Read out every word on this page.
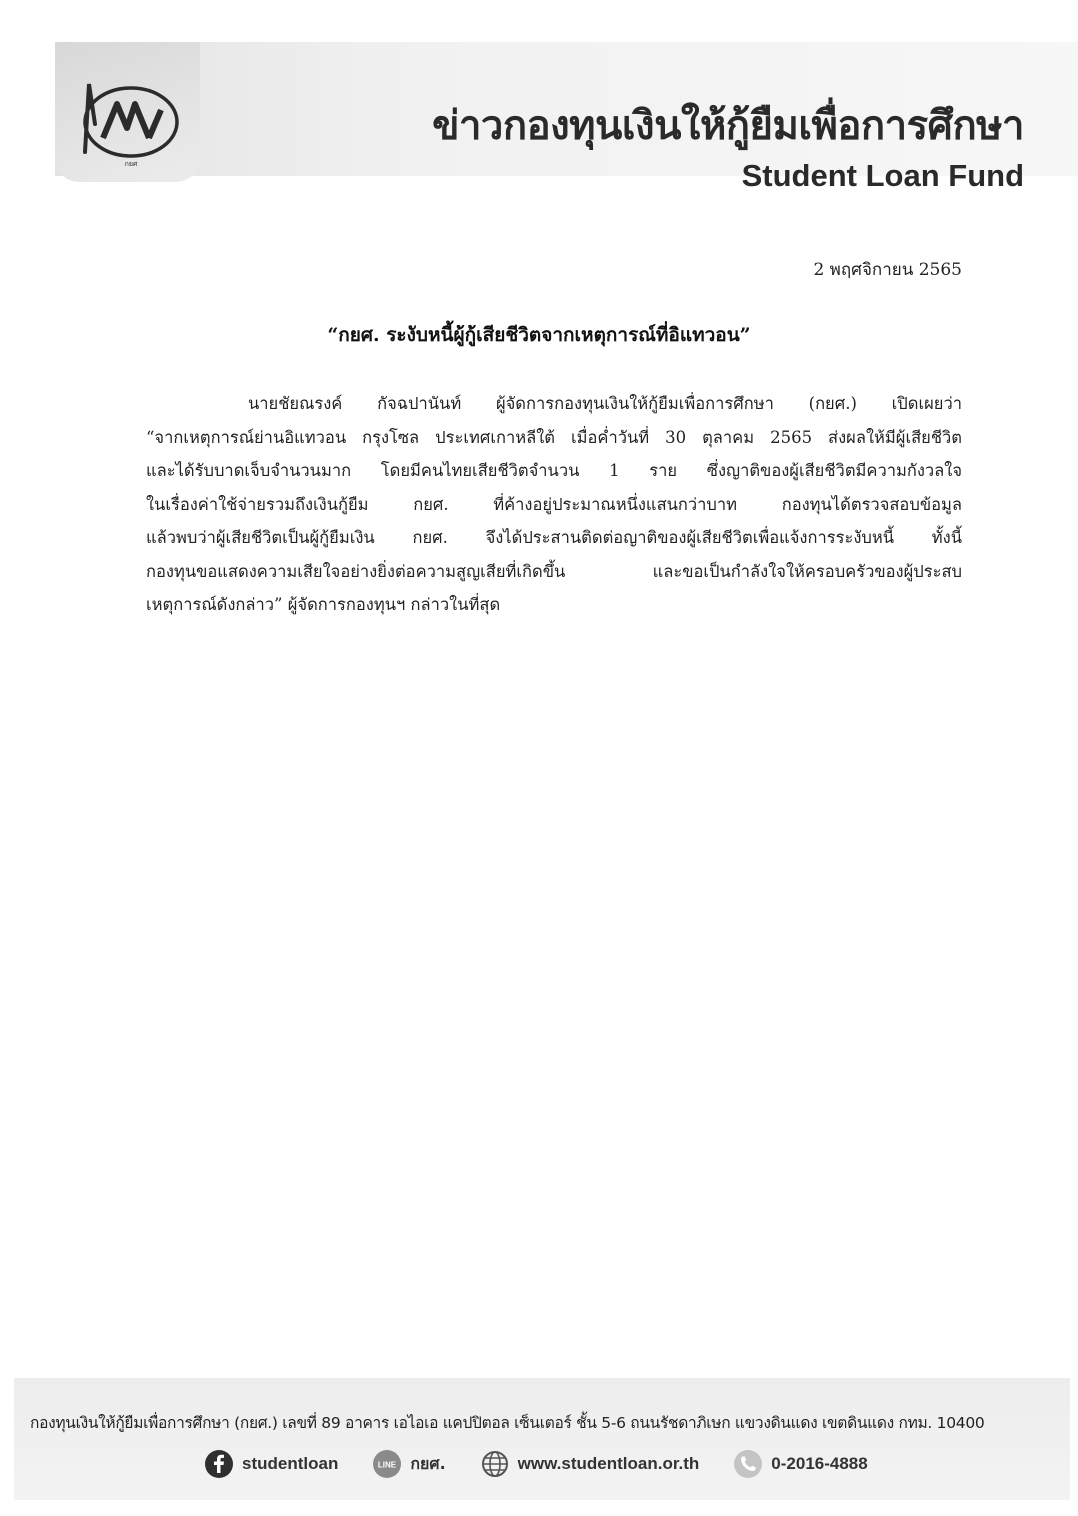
กยศ
ข่าวกองทุนเงินให้กู้ยืมเพื่อการศึกษา
Student Loan Fund
2 พฤศจิกายน 2565
“กยศ. ระงับหนี้ผู้กู้เสียชีวิตจากเหตุการณ์ที่อิแทวอน”
นายชัยณรงค์ กัจฉปานันท์ ผู้จัดการกองทุนเงินให้กู้ยืมเพื่อการศึกษา (กยศ.) เปิดเผยว่า
“จากเหตุการณ์ย่านอิแทวอน กรุงโซล ประเทศเกาหลีใต้ เมื่อค่ำวันที่ 30 ตุลาคม 2565 ส่งผลให้มีผู้เสียชีวิต
และได้รับบาดเจ็บจำนวนมาก โดยมีคนไทยเสียชีวิตจำนวน 1 ราย ซึ่งญาติของผู้เสียชีวิตมีความกังวลใจ
ในเรื่องค่าใช้จ่ายรวมถึงเงินกู้ยืม กยศ. ที่ค้างอยู่ประมาณหนึ่งแสนกว่าบาท กองทุนได้ตรวจสอบข้อมูล
แล้วพบว่าผู้เสียชีวิตเป็นผู้กู้ยืมเงิน กยศ. จึงได้ประสานติดต่อญาติของผู้เสียชีวิตเพื่อแจ้งการระงับหนี้ ทั้งนี้
กองทุนขอแสดงความเสียใจอย่างยิ่งต่อความสูญเสียที่เกิดขึ้น และขอเป็นกำลังใจให้ครอบครัวของผู้ประสบ
เหตุการณ์ดังกล่าว” ผู้จัดการกองทุนฯ กล่าวในที่สุด
กองทุนเงินให้กู้ยืมเพื่อการศึกษา (กยศ.) เลขที่ 89 อาคาร เอไอเอ แคปปิตอล เซ็นเตอร์ ชั้น 5-6 ถนนรัชดาภิเษก แขวงดินแดง เขตดินแดง กทม. 10400
studentloan	LINE กยศ.	www.studentloan.or.th	0-2016-4888
